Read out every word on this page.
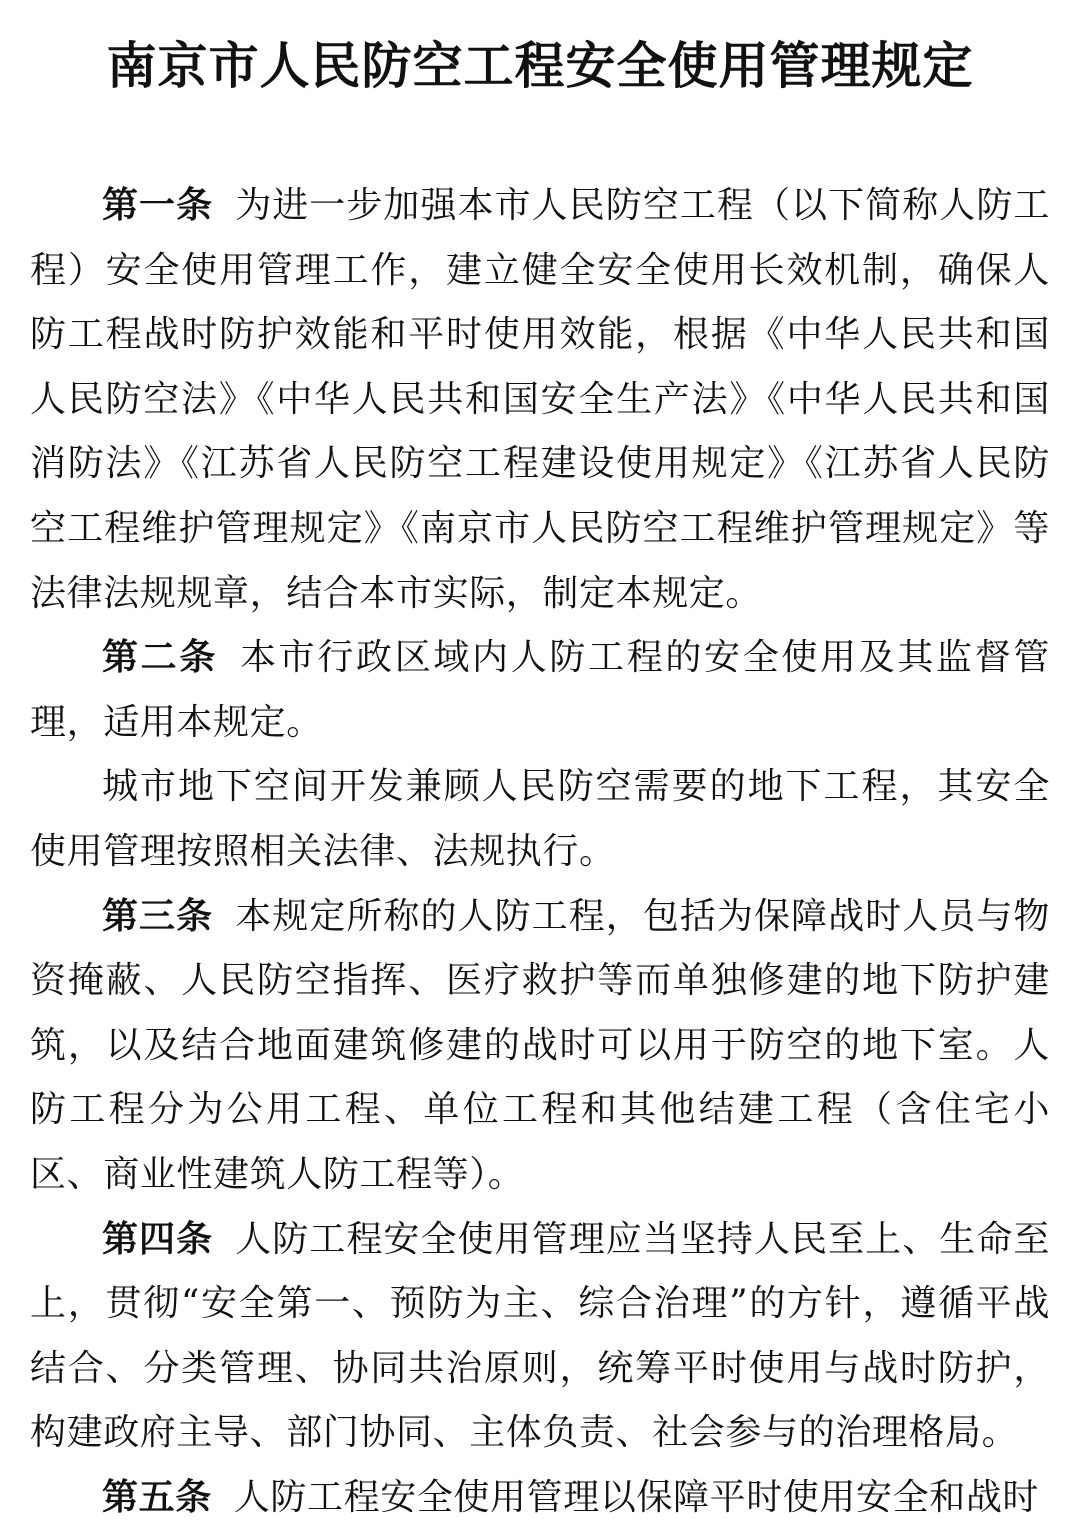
南京市人民防空工程安全使用管理规定

第一条 为进一步加强本市人民防空工程（以下简称人防工程）安全使用管理工作，建立健全安全使用长效机制，确保人防工程战时防护效能和平时使用效能，根据《中华人民共和国人民防空法》《中华人民共和国安全生产法》《中华人民共和国消防法》《江苏省人民防空工程建设使用规定》《江苏省人民防空工程维护管理规定》《南京市人民防空工程维护管理规定》等法律法规规章，结合本市实际，制定本规定。

第二条 本市行政区域内人防工程的安全使用及其监督管理，适用本规定。

城市地下空间开发兼顾人民防空需要的地下工程，其安全使用管理按照相关法律、法规执行。

第三条 本规定所称的人防工程，包括为保障战时人员与物资掩蔽、人民防空指挥、医疗救护等而单独修建的地下防护建筑，以及结合地面建筑修建的战时可以用于防空的地下室。人防工程分为公用工程、单位工程和其他结建工程（含住宅小区、商业性建筑人防工程等）。

第四条 人防工程安全使用管理应当坚持人民至上、生命至上，贯彻“安全第一、预防为主、综合治理”的方针，遵循平战结合、分类管理、协同共治原则，统筹平时使用与战时防护，构建政府主导、部门协同、主体负责、社会参与的治理格局。

第五条 人防工程安全使用管理以保障平时使用安全和战时
